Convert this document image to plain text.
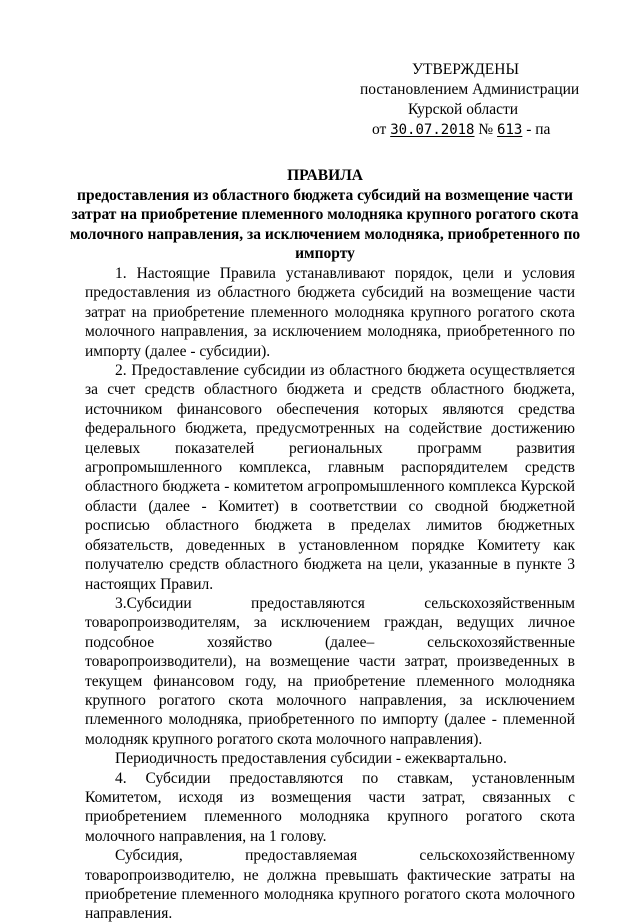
УТВЕРЖДЕНЫ
постановлением Администрации
Курской области
от 30.07.2018 № 613 - па
ПРАВИЛА
предоставления из областного бюджета субсидий на возмещение части затрат на приобретение племенного молодняка крупного рогатого скота молочного направления, за исключением молодняка, приобретенного по импорту

1. Настоящие Правила устанавливают порядок, цели и условия предоставления из областного бюджета субсидий на возмещение части затрат на приобретение племенного молодняка крупного рогатого скота молочного направления, за исключением молодняка, приобретенного по импорту (далее - субсидии).

2. Предоставление субсидии из областного бюджета осуществляется за счет средств областного бюджета и средств областного бюджета, источником финансового обеспечения которых являются средства федерального бюджета, предусмотренных на содействие достижению целевых показателей региональных программ развития агропромышленного комплекса, главным распорядителем средств областного бюджета - комитетом агропромышленного комплекса Курской области (далее - Комитет) в соответствии со сводной бюджетной росписью областного бюджета в пределах лимитов бюджетных обязательств, доведенных в установленном порядке Комитету как получателю средств областного бюджета на цели, указанные в пункте 3 настоящих Правил.

3.Субсидии предоставляются сельскохозяйственным товаропроизводителям, за исключением граждан, ведущих личное подсобное хозяйство (далее– сельскохозяйственные товаропроизводители), на возмещение части затрат, произведенных в текущем финансовом году, на приобретение племенного молодняка крупного рогатого скота молочного направления, за исключением племенного молодняка, приобретенного по импорту (далее - племенной молодняк крупного рогатого скота молочного направления).

Периодичность предоставления субсидии - ежеквартально.

4. Субсидии предоставляются по ставкам, установленным Комитетом, исходя из возмещения части затрат, связанных с приобретением племенного молодняка крупного рогатого скота молочного направления, на 1 голову.

Субсидия, предоставляемая сельскохозяйственному товаропроизводителю, не должна превышать фактические затраты на приобретение племенного молодняка крупного рогатого скота молочного направления.
